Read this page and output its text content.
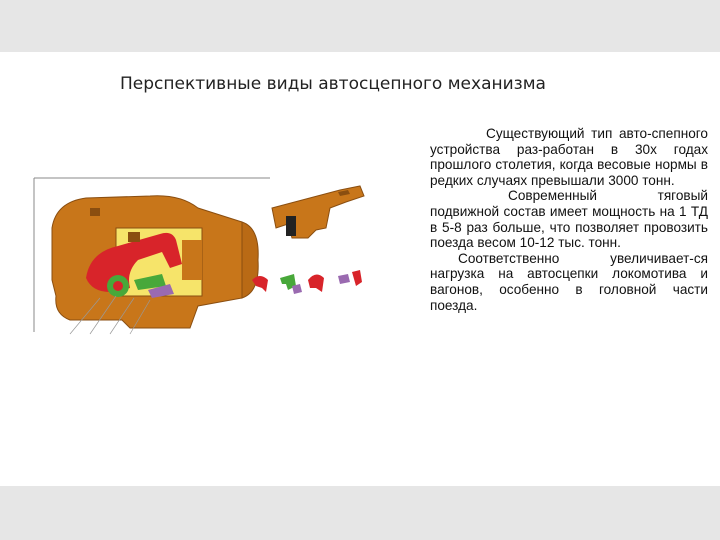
Перспективные виды автосцепного механизма

Существующий тип авто-спепного устройства раз-работан в 30х годах прошлого столетия, когда весовые нормы в редких случаях превышали 3000 тонн.

Современный тяговый подвижной состав имеет мощность на 1 ТД в 5-8 раз больше, что позволяет провозить поезда весом 10-12 тыс. тонн.

Соответственно увеличивает-ся нагрузка на автосцепки локомотива и вагонов, особенно в головной части поезда.
